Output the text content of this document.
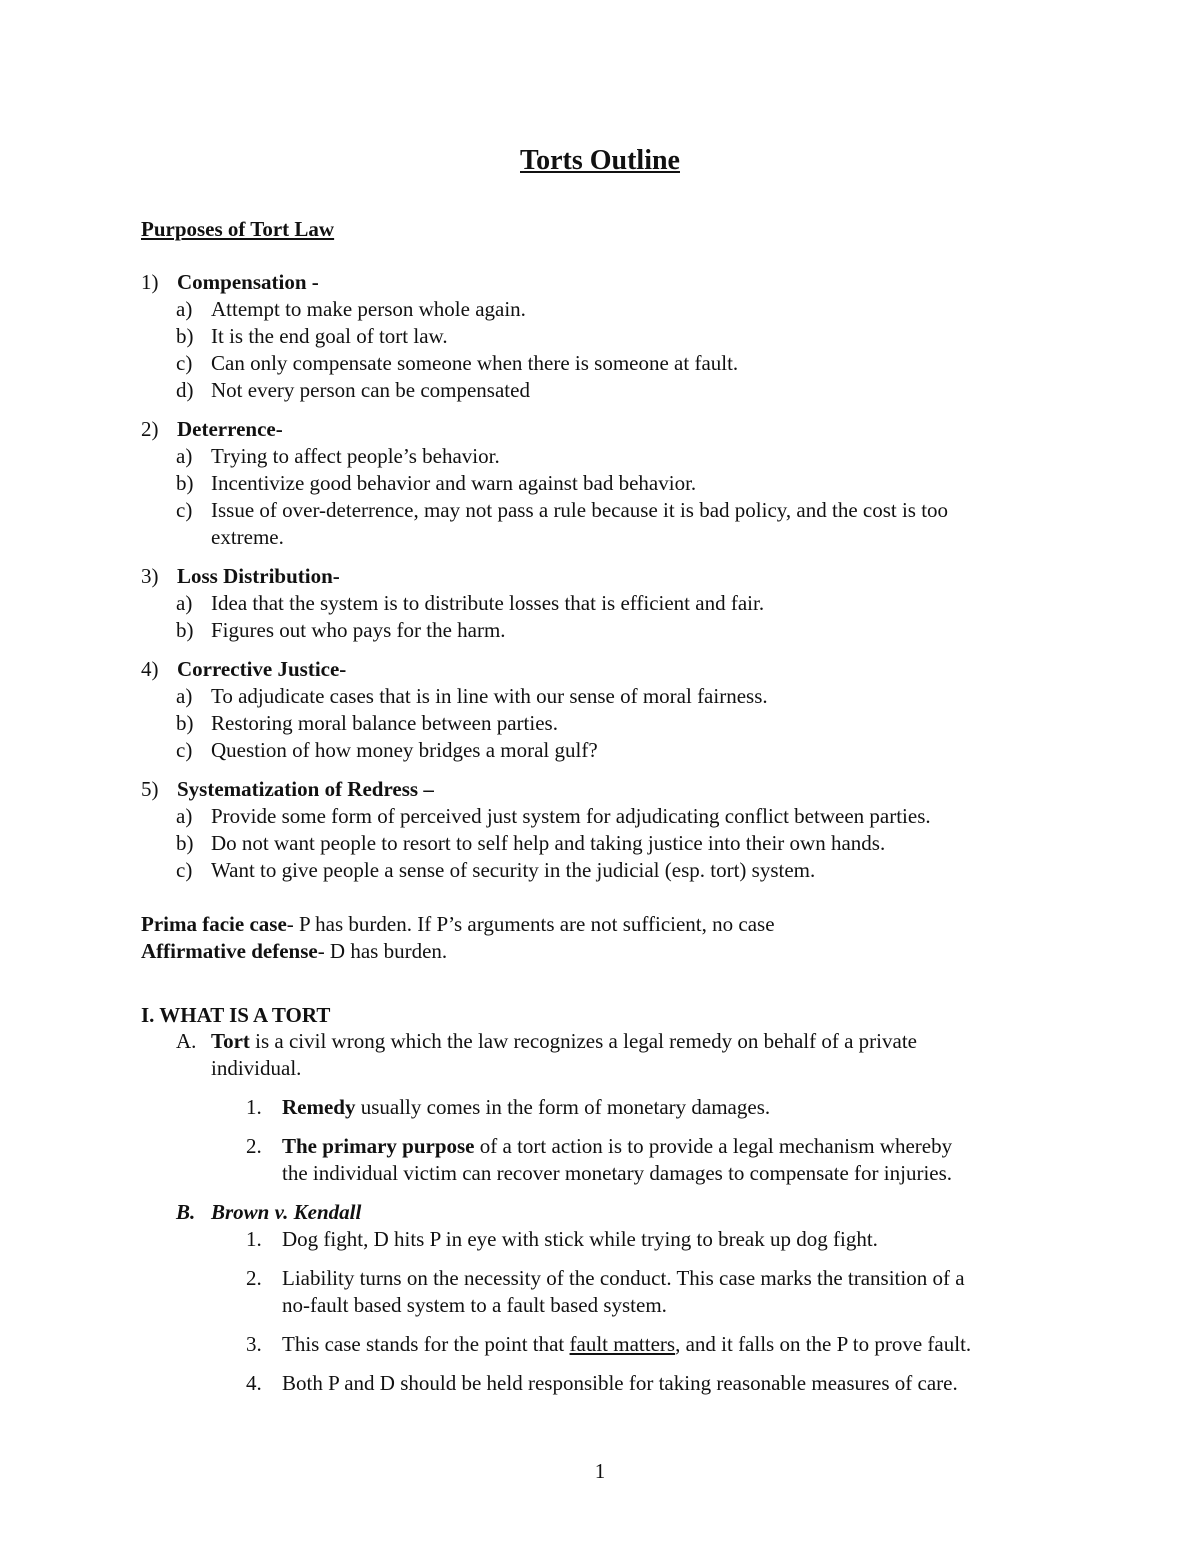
Torts Outline
Purposes of Tort Law
1) Compensation -
a) Attempt to make person whole again.
b) It is the end goal of tort law.
c) Can only compensate someone when there is someone at fault.
d) Not every person can be compensated
2) Deterrence-
a) Trying to affect people’s behavior.
b) Incentivize good behavior and warn against bad behavior.
c) Issue of over-deterrence, may not pass a rule because it is bad policy, and the cost is too
extreme.
3) Loss Distribution-
a) Idea that the system is to distribute losses that is efficient and fair.
b) Figures out who pays for the harm.
4) Corrective Justice-
a) To adjudicate cases that is in line with our sense of moral fairness.
b) Restoring moral balance between parties.
c) Question of how money bridges a moral gulf?
5) Systematization of Redress –
a) Provide some form of perceived just system for adjudicating conflict between parties.
b) Do not want people to resort to self help and taking justice into their own hands.
c) Want to give people a sense of security in the judicial (esp. tort) system.
Prima facie case- P has burden. If P’s arguments are not sufficient, no case
Affirmative defense- D has burden.
I. WHAT IS A TORT
A. Tort is a civil wrong which the law recognizes a legal remedy on behalf of a private
individual.
1. Remedy usually comes in the form of monetary damages.
2. The primary purpose of a tort action is to provide a legal mechanism whereby
the individual victim can recover monetary damages to compensate for injuries.
B. Brown v. Kendall
1. Dog fight, D hits P in eye with stick while trying to break up dog fight.
2. Liability turns on the necessity of the conduct. This case marks the transition of a
no-fault based system to a fault based system.
3. This case stands for the point that fault matters, and it falls on the P to prove fault.
4. Both P and D should be held responsible for taking reasonable measures of care.
1
